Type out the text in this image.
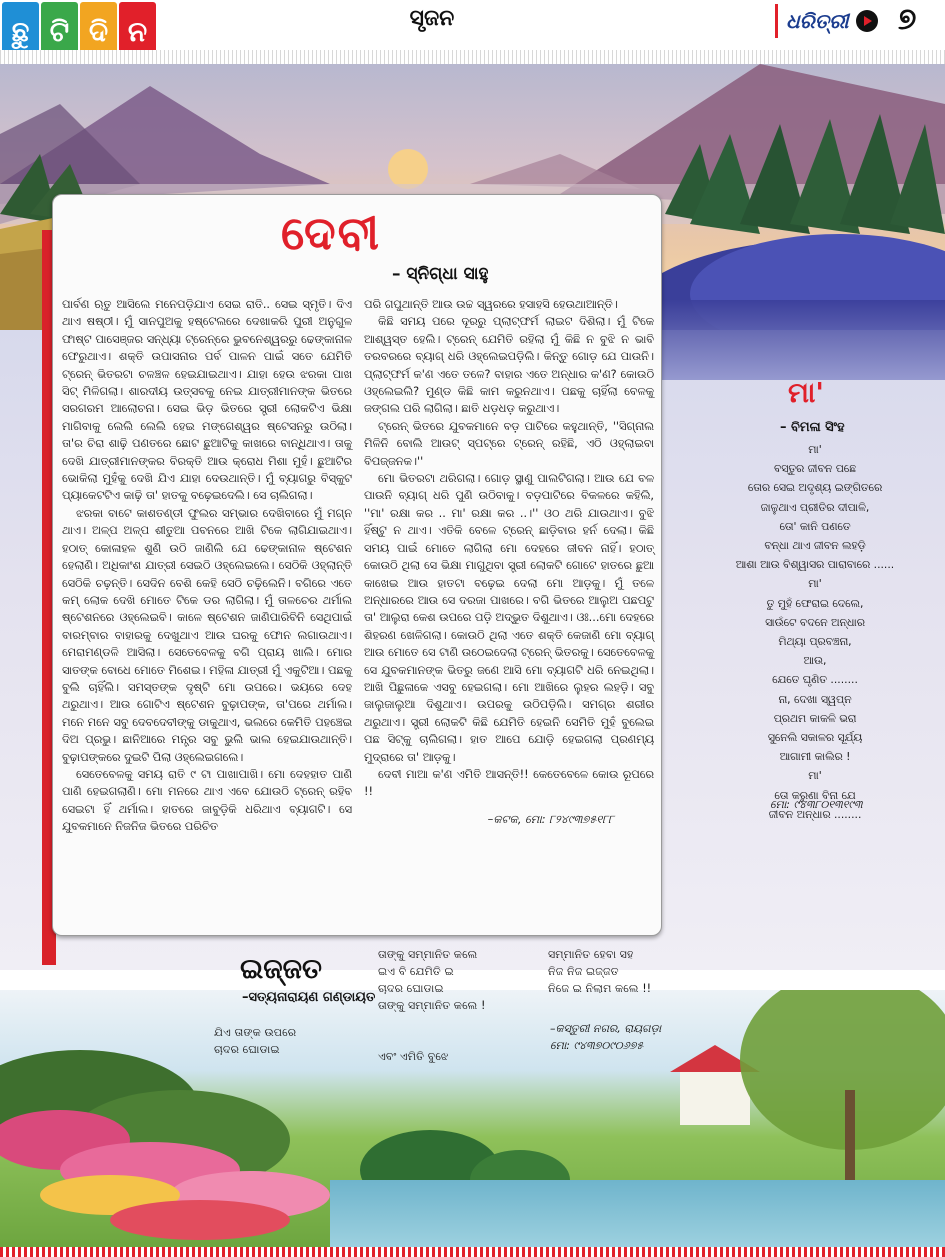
ଛୁ ଟି ଦି ନ	ସୃଜନ	ଧରିତ୍ରୀ ୭
ଦେବୀ
– ସ୍ନିଗ୍ଧା ସାହୁ

ପାର୍ବଣ ଋତୁ ଆସିଲେ ମନେପଡ଼ିଯାଏ ସେଇ ରାତି.. ସେଇ ସ୍ମୃତି। ଦିଏ ଥାଏ ଷଷ୍ଠୀ। ମୁଁ ସାନପୁଅକୁ ହଷ୍ଟେଲରେ ଦେଖାକରି ପୁରୀ ଅନୁଗୁଳ ଫାଷ୍ଟ ପାସେଞ୍ଜର ସନ୍ଧ୍ୟା ଟ୍ରେନ୍‌ରେ ଭୁବନେଶ୍ୱରରୁ ଢେଙ୍କାନାଳ ଫେରୁଥାଏ। ଶକ୍ତି ଉପାସନାର ପର୍ବ ପାଳନ ପାଇଁ ସତେ ଯେମିତି ଟ୍ରେନ୍ ଭିତରଟା ଚଳଞ୍ଚଳ ହେଇଯାଇଥାଏ। ଯାହା ହେଉ ଝରକା ପାଖ ସିଟ୍ ମିଳିଗଲା। ଶାରଦୀୟ ଉତ୍ସବକୁ ନେଇ ଯାତ୍ରୀମାନଙ୍କ ଭିତରେ ସରଗରମ ଆଲୋଚନା। ସେଇ ଭିଡ଼ ଭିତରେ ସ୍ତ୍ରୀ ଲୋକଟିଏ ଭିକ୍ଷା ମାଗିବାକୁ ଲେଲି ଲେଲି ହେଇ ମଙ୍ଗେଶ୍ୱର ଷ୍ଟେସନରୁ ଉଠିଲା। ତା'ର ଚିରା ଶାଢ଼ି ପଣତରେ ଛୋଟ ଛୁଆଟିକୁ କାଖରେ ବାନ୍ଧିଥାଏ। ତାକୁ ଦେଖି ଯାତ୍ରୀମାନଙ୍କର ବିରକ୍ତି ଆଉ କ୍ରୋଧ ମିଶା ମୁହଁ। ଛୁଆଟିର ଭୋକିଲା ମୁହଁକୁ ଦେଖି ଯିଏ ଯାହା ଦେଉଥାନ୍ତି। ମୁଁ ବ୍ୟାଗରୁ ବିସ୍କୁଟ ପ୍ୟାକେଟଟିଏ କାଢ଼ି ତା' ହାତକୁ ବଢ଼େଇଦେଲି। ସେ ଚାଲିଗଲା।

ଝରକା ବାଟେ କାଶତଣ୍ଡୀ ଫୁଲର ସମ୍ଭାର ଦେଖିବାରେ ମୁଁ ମଗ୍ନ ଥାଏ। ଅଳ୍ପ ଅଳ୍ପ ଶୀତୁଆ ପବନରେ ଆଖି ଟିକେ ଲାଗିଯାଇଥାଏ। ହଠାତ୍ କୋଳାହଳ ଶୁଣି ଉଠି ଜାଣିଲି ଯେ ଢେଙ୍କାନାଳ ଷ୍ଟେଶନ ହେଲାଣି। ଅଧିକାଂଶ ଯାତ୍ରୀ ସେଇଠି ଓହ୍ଲେଇଲେ। ସେଠିକି ଓହ୍ଲାନ୍ତି ସେଠିକି ଚଢ଼ନ୍ତି। ସେଦିନ ବେଶି କେହି ସେଠି ଚଢ଼ିଲେନି। ବଗିରେ ଏତେ କମ୍ ଲୋକ ଦେଖି ମୋତେ ଟିକେ ଡର ଲାଗିଲା। ମୁଁ ତାଳଚେର ଥର୍ମାଲ ଷ୍ଟେଶନରେ ଓହ୍ଲେଇବି। କାଳେ ଷ୍ଟେଶନ ଜାଣିପାରିବିନି ସେଥିପାଇଁ ବାରମ୍ବାର ବାହାରକୁ ଦେଖୁଥାଏ ଆଉ ଘରକୁ ଫୋନ ଲଗାଉଥାଏ। ମେରାମଣ୍ଡଳି ଆସିଲା। ସେତେବେଳକୁ ବଗି ପ୍ରାୟ ଖାଲି। ମୋର ସାତଙ୍କ ବୋଧେ ମୋତେ ମିଶେଇ। ମହିଳା ଯାତ୍ରୀ ମୁଁ ଏକୁଟିଆ। ପଛକୁ ବୁଲି ଚାହିଁଲି। ସମସ୍ତଙ୍କ ଦୃଷ୍ଟି ମୋ ଉପରେ। ଭୟରେ ଦେହ ଥରୁଥାଏ। ଆଉ ଗୋଟିଏ ଷ୍ଟେଶନ ବୁଢ଼ାପଙ୍କ, ତା'ପରେ ଥର୍ମାଲ। ମନେ ମନେ ସବୁ ଦେବଦେବୀଙ୍କୁ ଡାକୁଥାଏ, ଭଲରେ କେମିତି ପହଞ୍ଚେଇ ଦିଅ ପ୍ରଭୁ। ଛାନିଆରେ ମନ୍ତ୍ର ସବୁ ଭୁଲି ଭାଲ ହେଇଯାଉଥାନ୍ତି। ବୁଢ଼ାପଙ୍କରେ ଦୁଇଟି ପିଲା ଓହ୍ଲେଇଗଲେ।

ସେତେବେଳକୁ ସମୟ ରାତି ୯ ଟା ପାଖାପାଖି। ମୋ ଦେହହାତ ପାଣି ପାଣି ହେଇଗଲାଣି। ମୋ ମନରେ ଥାଏ ଏବେ ଯୋଉଠି ଟ୍ରେନ୍ ରହିବ ସେଇଟା ହିଁ ଥର୍ମାଲ। ହାତରେ ଜାବୁଡ଼ିକି ଧରିଥାଏ ବ୍ୟାଗଟି। ସେ ଯୁବକମାନେ ନିଜନିଜ ଭିତରେ ପରିଚିତ

ପରି ଗପୁଥାନ୍ତି ଆଉ ଉଚ୍ଚ ସ୍ୱରରେ ହସାହସି ହେଉଥାଆନ୍ତି।

କିଛି ସମୟ ପରେ ଦୂରରୁ ପ୍ଲାଟ୍‌ଫର୍ମ ଲାଇଟ ଦିଶିଲା। ମୁଁ ଟିକେ ଆଶ୍ୱସ୍ତ ହେଲି। ଟ୍ରେନ୍ ଯେମିତି ରହିଲା ମୁଁ କିଛି ନ ବୁଝି ନ ଭାବି ତରବରରେ ବ୍ୟାଗ୍ ଧରି ଓହ୍ଲେଇପଡ଼ିଲି। କିନ୍ତୁ ଗୋଡ଼ ଯେ ପାଉନି। ପ୍ଲାଟ୍‌ଫର୍ମ କ'ଣ ଏତେ ତଳେ? ବାହାର ଏତେ ଅନ୍ଧାର କ'ଣ? କୋଉଠି ଓହ୍ଲେଇଲି? ମୁଣ୍ଡ କିଛି କାମ କରୁନଥାଏ। ପଛକୁ ଚାହିଁଲା ବେଳକୁ ଜଙ୍ଗଲ ପରି ଲାଗିଲା। ଛାତି ଧଡ଼ଧଡ଼ କରୁଥାଏ।

ଟ୍ରେନ୍ ଭିତରେ ଯୁବକମାନେ ବଡ଼ ପାଟିରେ କହୁଥାନ୍ତି, ''ସିଗ୍ନାଲ ମିଳିନି ବୋଲି ଆଉଟ୍‌ ସ୍ପଟ୍‌ରେ ଟ୍ରେନ୍ ରହିଛି, ଏଠି ଓହ୍ଲାଇବା ବିପଜ୍ଜନକ।''

ମୋ ଭିତରଟା ଥରିଗଲା। ଗୋଡ଼ ସ୍ଥାଣୁ ପାଲଟିଗଲା। ଆଉ ଯେ ବଳ ପାଉନି ବ୍ୟାଗ୍ ଧରି ପୁଣି ଉଠିବାକୁ। ବଡ଼ପାଟିରେ ବିକଳରେ କହିଲି, ''ମା' ରକ୍ଷା କର .. ମା' ରକ୍ଷା କର ..।'' ଓଠ ଥରି ଯାଉଥାଏ। ବୁଝି ହିଁଷ୍ଟୁ ନ ଥାଏ। ଏତିକି ବେଳେ ଟ୍ରେନ୍ ଛାଡ଼ିବାର ହର୍ନ ଦେଲା। କିଛି ସମୟ ପାଇଁ ମୋତେ ଲାଗିଲା ମୋ ଦେହରେ ଜୀବନ ନାହିଁ। ହଠାତ୍ କୋଉଠି ଥିଲା ସେ ଭିକ୍ଷା ମାଗୁଥିବା ସ୍ତ୍ରୀ ଲୋକଟି ଗୋଟେ ହାତରେ ଛୁଆ କାଖେଇ ଆଉ ହାତଟା ବଢ଼େଇ ଦେଲା ମୋ ଆଡ଼କୁ। ମୁଁ ତଳେ ଅନ୍ଧାରରେ ଆଉ ସେ ଦରଜା ପାଖରେ। ବଗି ଭିତରେ ଆଲୁଅ ପଛପଟୁ ତା' ଆଲୁରା କେଶ ଉପରେ ପଡ଼ି ଅଦ୍ଭୁତ ଦିଶୁଥାଏ। ଓଃ...ମୋ ଦେହରେ ଶିହରଣ ଖେଳିଗଲା। କୋଉଠି ଥିଲା ଏତେ ଶକ୍ତି କେଜାଣି ମୋ ବ୍ୟାଗ୍ ଆଉ ମୋତେ ସେ ଟାଣି ଉଠେଇଦେଲା ଟ୍ରେନ୍ ଭିତରକୁ। ସେତେବେଳକୁ ସେ ଯୁବକମାନଙ୍କ ଭିତରୁ ଜଣେ ଆସି ମୋ ବ୍ୟାଗଟି ଧରି ନେଇଥିଲା। ଆଖି ପିଛୁଳାକେ ଏସବୁ ହେଇଗଲା। ମୋ ଆଖିରେ ଲୁହର ଲହଡ଼ି। ସବୁ ଜାଲୁଜାଲୁଆ ଦିଶୁଥାଏ। ଉପରକୁ ଉଠିପଡ଼ିଲି। ସମଗ୍ର ଶରୀର ଥରୁଥାଏ। ସ୍ତ୍ରୀ ଲୋକଟି କିଛି ଯେମିତି ହେଇନି ସେମିତି ମୁହଁ ବୁଲେଇ ପଛ ସିଟ୍‌କୁ ଚାଲିଗଲା। ହାତ ଆପେ ଯୋଡ଼ି ହେଇଗଲା ପ୍ରଣମ୍ୟ ମୁଦ୍ରାରେ ତା' ଆଡ଼କୁ।

ଦେବୀ ମାଆ କ'ଣ ଏମିତି ଆସନ୍ତି!! କେତେବେଳେ କୋଉ ରୂପରେ !!

–କଟକ, ମୋ: ୮୨୪୯୩୭୫୧୮୮
ମା'
– ବିମଳା ସିଂହ
ମା'
ବସ୍ତୁର ଜୀବନ ପଛେ
ତୋର ସେଇ ଅଦୃଶ୍ୟ ଇଙ୍ଗିତରେ
ଜାଳୁଥାଏ ପ୍ରୀତିର ଦୀପାଳି,
ତୋ' କାନି ପଣତେ
ବନ୍ଧା ଥାଏ ଜୀବନ ଲହଡ଼ି
ଆଶା ଆଉ ବିଶ୍ୱାସର ପାରାବାରେ ......
ମା'
ତୁ ମୁହଁ ଫେରାଇ ଦେଲେ,
ସାଉଁଟେ ବଦନେ ଅନ୍ଧାର
ମିଥ୍ୟା ପ୍ରବଞ୍ଚନା,
ଆଉ,
ଯେତେ ଘୃଣିତ ........
ନା, ଦେଖା ସ୍ୱପ୍ନ
ପ୍ରଥମ କାକଳି ଭରା
ସୁନେଲି ସକାଳର ସୂର୍ଯ୍ୟ
ଆଗାମୀ କାଲିର !
ମା'
ତୋ କରୁଣା ବିନା ଯେ
ଜୀବନ ଅନ୍ଧାର ........
ମୋ: ୯୪୩୮୦୧୩୧୯୩
ଇଜ୍ଜତ
–ସତ୍ୟନାରାୟଣ ଗଣ୍ଡାୟତ
ଯିଏ ତାଙ୍କ ଉପରେ
ଚାଦର ଘୋଡାଇ
ତାଙ୍କୁ ସମ୍ମାନିତ କଲେ
ଇଏ ବି ଯେମିତି ଇ
ଚାଦର ଘୋଡାଇ
ତାଙ୍କୁ ସମ୍ମାନିତ କଲେ !
ଏବଂ ଏମିତି ବୁଝେ
ସମ୍ମାନିତ ହେବା ସହ
ନିଜ ନିଜ ଇଜ୍ଜତ
ନିଜେ ଇ ନିଲାମ କଲେ !!
–କସ୍ତୁରୀ ନଗର, ରାୟଗଡ଼ା
ମୋ: ୯୪୩୭୦୯୦୬୭୫
